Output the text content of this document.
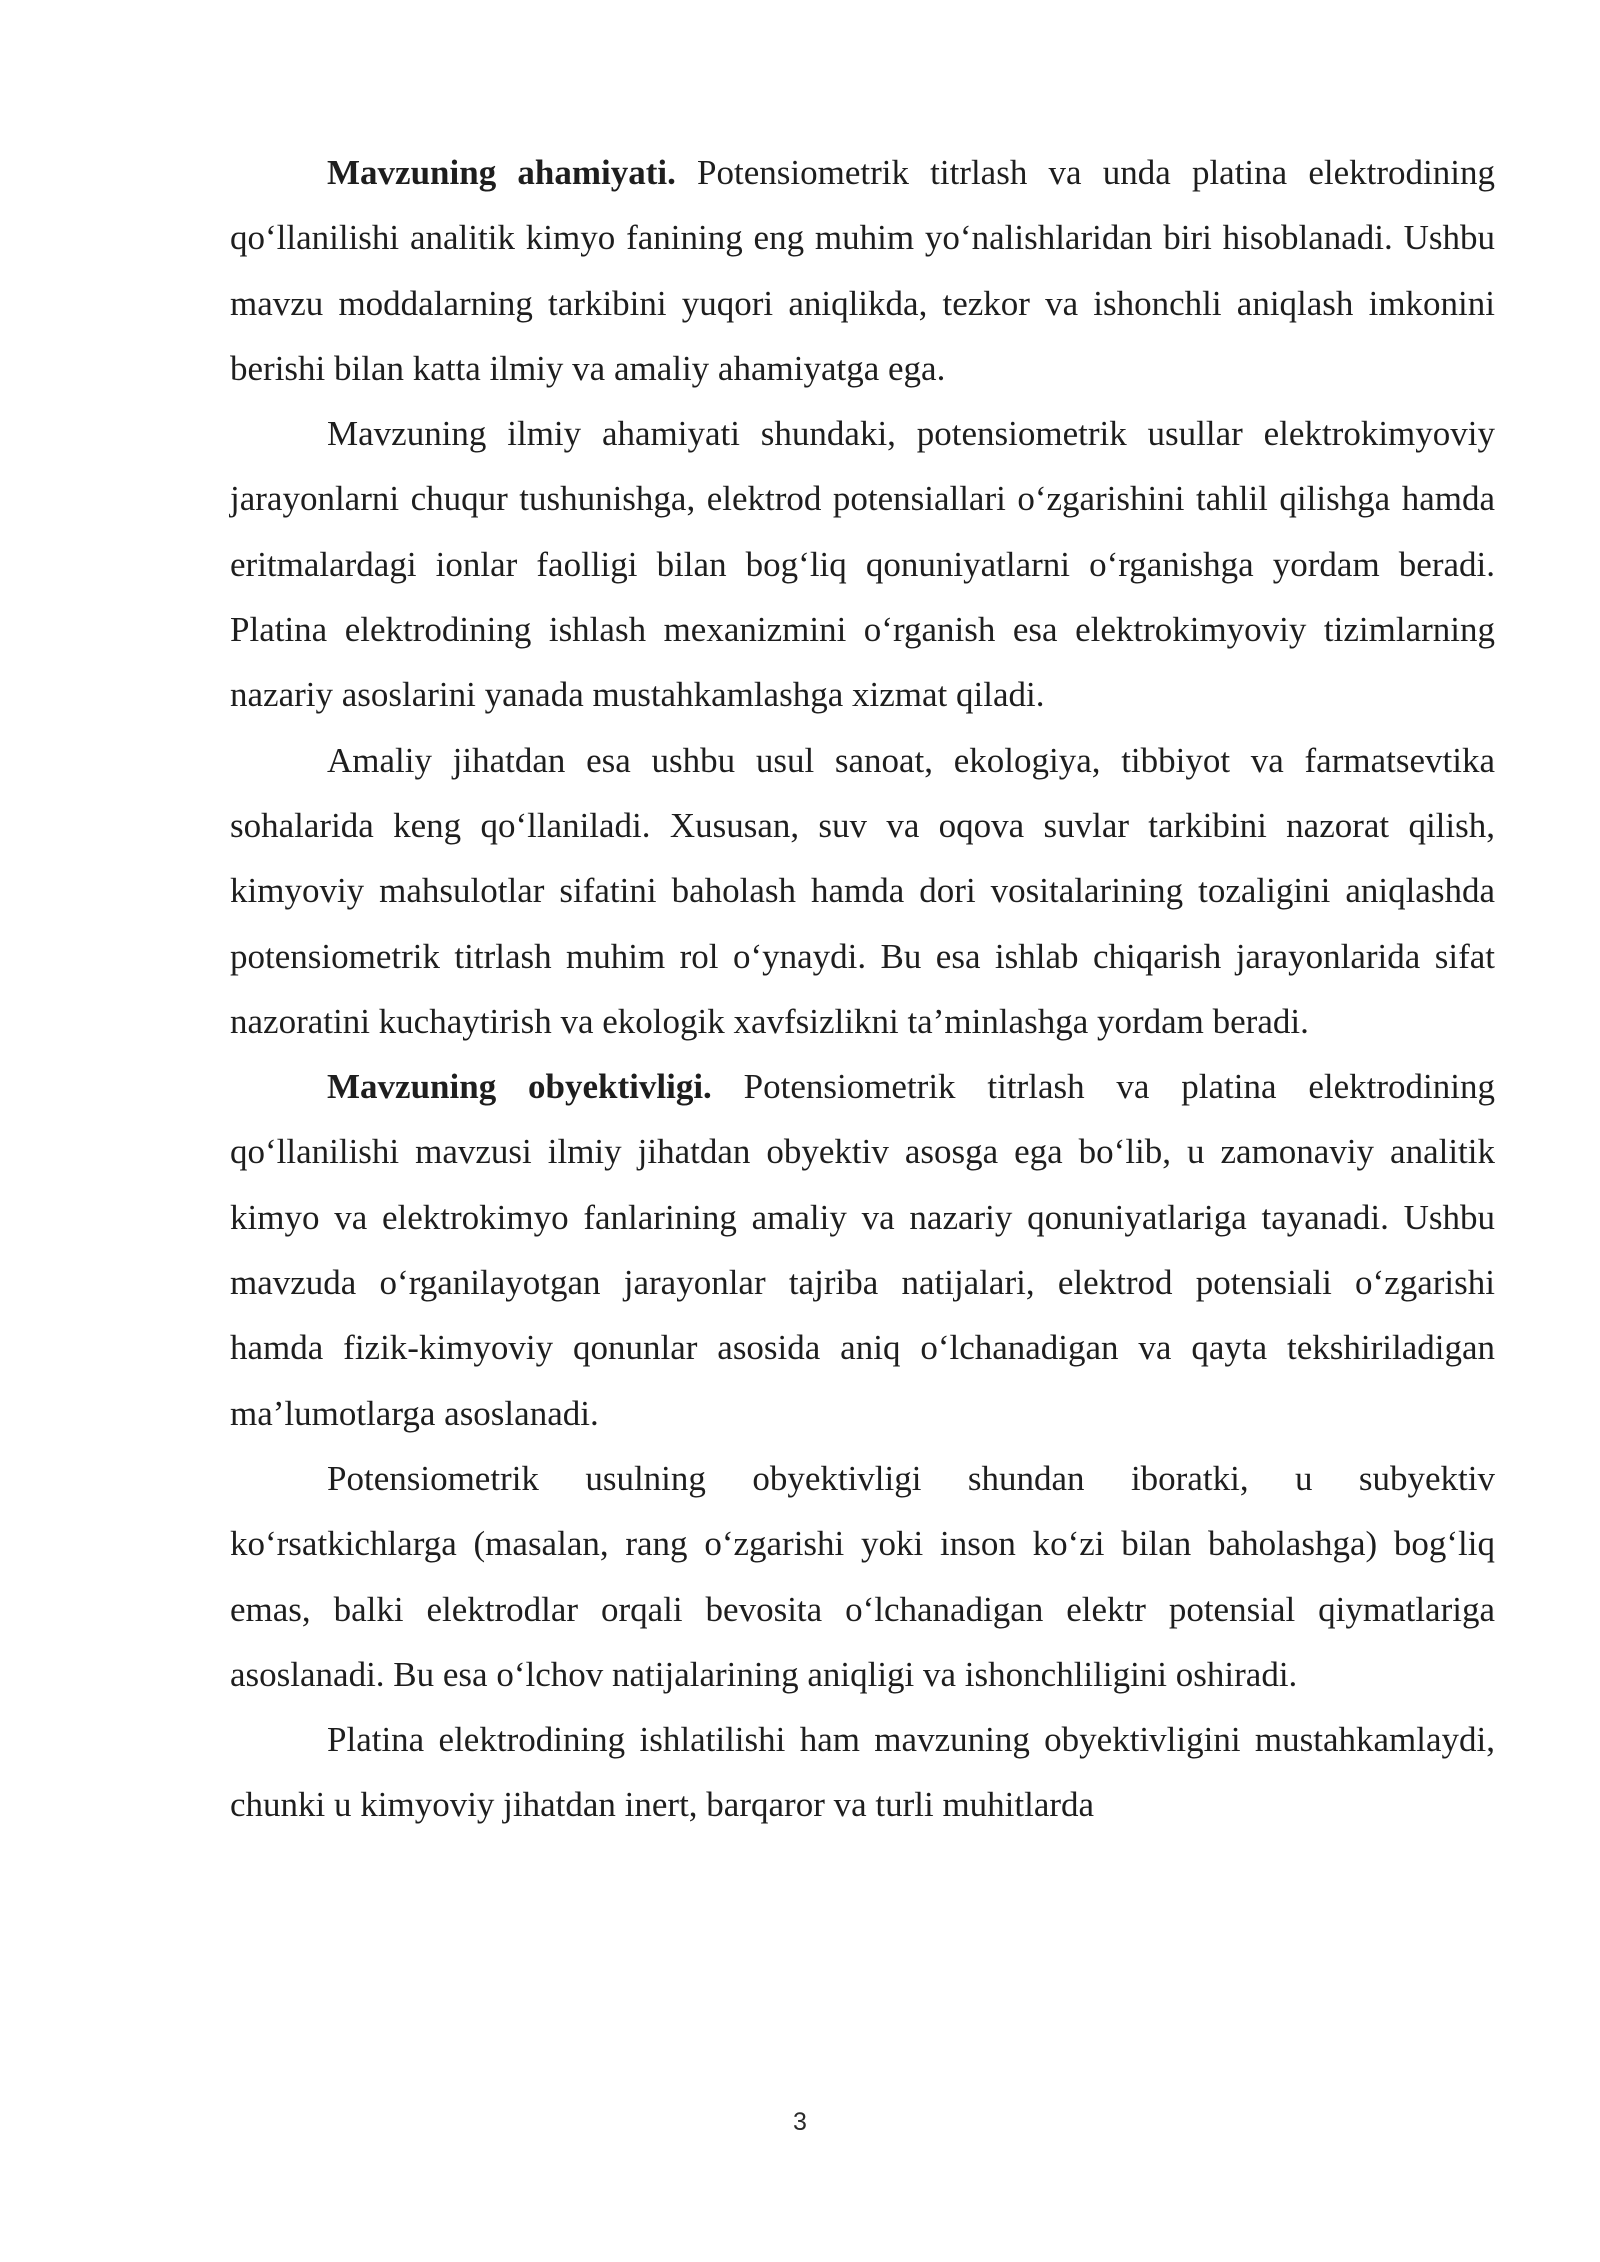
Mavzuning ahamiyati. Potensiometrik titrlash va unda platina elektrodining qo‘llanilishi analitik kimyo fanining eng muhim yo‘nalishlaridan biri hisoblanadi. Ushbu mavzu moddalarning tarkibini yuqori aniqlikda, tezkor va ishonchli aniqlash imkonini berishi bilan katta ilmiy va amaliy ahamiyatga ega.

Mavzuning ilmiy ahamiyati shundaki, potensiometrik usullar elektrokimyoviy jarayonlarni chuqur tushunishga, elektrod potensiallari o‘zgarishini tahlil qilishga hamda eritmalardagi ionlar faolligi bilan bog‘liq qonuniyatlarni o‘rganishga yordam beradi. Platina elektrodining ishlash mexanizmini o‘rganish esa elektrokimyoviy tizimlarning nazariy asoslarini yanada mustahkamlashga xizmat qiladi.

Amaliy jihatdan esa ushbu usul sanoat, ekologiya, tibbiyot va farmatsevtika sohalarida keng qo‘llaniladi. Xususan, suv va oqova suvlar tarkibini nazorat qilish, kimyoviy mahsulotlar sifatini baholash hamda dori vositalarining tozaligini aniqlashda potensiometrik titrlash muhim rol o‘ynaydi. Bu esa ishlab chiqarish jarayonlarida sifat nazoratini kuchaytirish va ekologik xavfsizlikni ta’minlashga yordam beradi.

Mavzuning obyektivligi. Potensiometrik titrlash va platina elektrodining qo‘llanilishi mavzusi ilmiy jihatdan obyektiv asosga ega bo‘lib, u zamonaviy analitik kimyo va elektrokimyo fanlarining amaliy va nazariy qonuniyatlariga tayanadi. Ushbu mavzuda o‘rganilayotgan jarayonlar tajriba natijalari, elektrod potensiali o‘zgarishi hamda fizik-kimyoviy qonunlar asosida aniq o‘lchanadigan va qayta tekshiriladigan ma’lumotlarga asoslanadi.

Potensiometrik usulning obyektivligi shundan iboratki, u subyektiv ko‘rsatkichlarga (masalan, rang o‘zgarishi yoki inson ko‘zi bilan baholashga) bog‘liq emas, balki elektrodlar orqali bevosita o‘lchanadigan elektr potensial qiymatlariga asoslanadi. Bu esa o‘lchov natijalarining aniqligi va ishonchliligini oshiradi.

Platina elektrodining ishlatilishi ham mavzuning obyektivligini mustahkamlaydi, chunki u kimyoviy jihatdan inert, barqaror va turli muhitlarda

3
